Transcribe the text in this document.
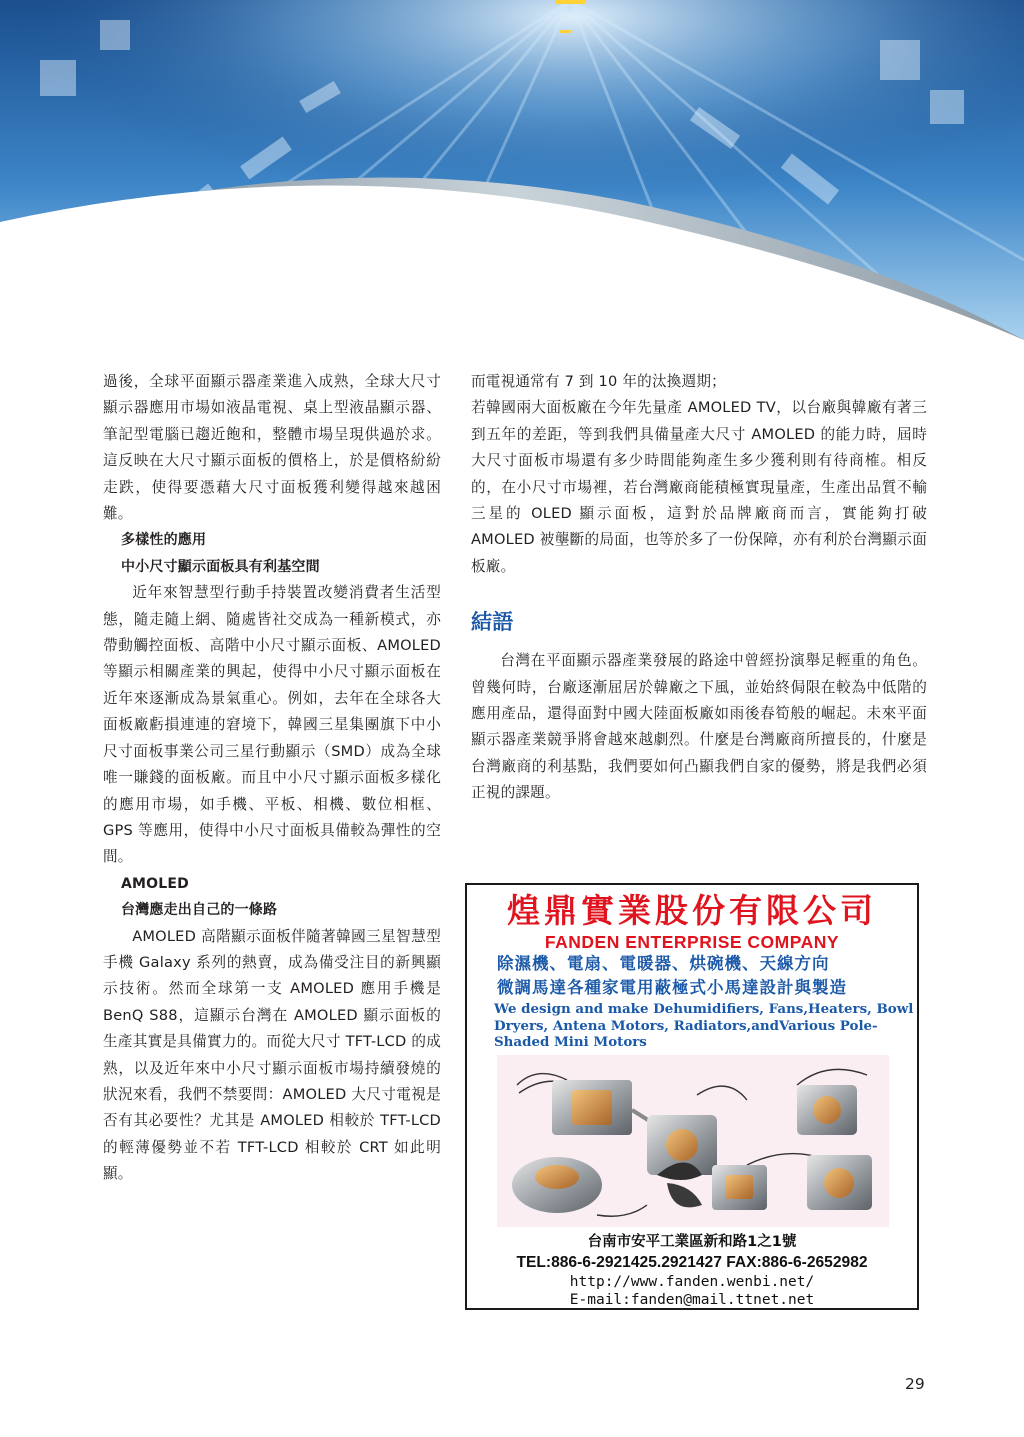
過後，全球平面顯示器產業進入成熟，全球大尺寸顯示器應用市場如液晶電視、桌上型液晶顯示器、筆記型電腦已趨近飽和，整體市場呈現供過於求。這反映在大尺寸顯示面板的價格上，於是價格紛紛走跌，使得要憑藉大尺寸面板獲利變得越來越困難。

多樣性的應用
中小尺寸顯示面板具有利基空間

近年來智慧型行動手持裝置改變消費者生活型態，隨走隨上網、隨處皆社交成為一種新模式，亦帶動觸控面板、高階中小尺寸顯示面板、AMOLED 等顯示相關產業的興起，使得中小尺寸顯示面板在近年來逐漸成為景氣重心。例如，去年在全球各大面板廠虧損連連的窘境下，韓國三星集團旗下中小尺寸面板事業公司三星行動顯示（SMD）成為全球唯一賺錢的面板廠。而且中小尺寸顯示面板多樣化的應用市場，如手機、平板、相機、數位相框、GPS 等應用，使得中小尺寸面板具備較為彈性的空間。

AMOLED
台灣應走出自己的一條路

AMOLED 高階顯示面板伴隨著韓國三星智慧型手機 Galaxy 系列的熱賣，成為備受注目的新興顯示技術。然而全球第一支 AMOLED 應用手機是 BenQ S88，這顯示台灣在 AMOLED 顯示面板的生產其實是具備實力的。而從大尺寸 TFT-LCD 的成熟，以及近年來中小尺寸顯示面板市場持續發燒的狀況來看，我們不禁要問：AMOLED 大尺寸電視是否有其必要性？尤其是 AMOLED 相較於 TFT-LCD 的輕薄優勢並不若 TFT-LCD 相較於 CRT 如此明顯。

而電視通常有 7 到 10 年的汰換週期；

若韓國兩大面板廠在今年先量產 AMOLED TV，以台廠與韓廠有著三到五年的差距，等到我們具備量產大尺寸 AMOLED 的能力時，屆時大尺寸面板市場還有多少時間能夠產生多少獲利則有待商榷。相反的，在小尺寸市場裡，若台灣廠商能積極實現量產，生產出品質不輸三星的 OLED 顯示面板，這對於品牌廠商而言，實能夠打破 AMOLED 被壟斷的局面，也等於多了一份保障，亦有利於台灣顯示面板廠。

結語

台灣在平面顯示器產業發展的路途中曾經扮演舉足輕重的角色。曾幾何時，台廠逐漸屈居於韓廠之下風，並始終侷限在較為中低階的應用產品，還得面對中國大陸面板廠如雨後春筍般的崛起。未來平面顯示器產業競爭將會越來越劇烈。什麼是台灣廠商所擅長的，什麼是台灣廠商的利基點，我們要如何凸顯我們自家的優勢，將是我們必須正視的課題。

煌鼎實業股份有限公司
FANDEN ENTERPRISE COMPANY
除濕機、電扇、電暖器、烘碗機、天線方向
微調馬達各種家電用蔽極式小馬達設計與製造

We design and make Dehumidifiers, Fans,Heaters, Bowl Dryers, Antena Motors, Radiators,andVarious Pole-Shaded Mini Motors

台南市安平工業區新和路1之1號
TEL:886-6-2921425.2921427 FAX:886-6-2652982
http://www.fanden.wenbi.net/
E-mail:fanden@mail.ttnet.net
29
